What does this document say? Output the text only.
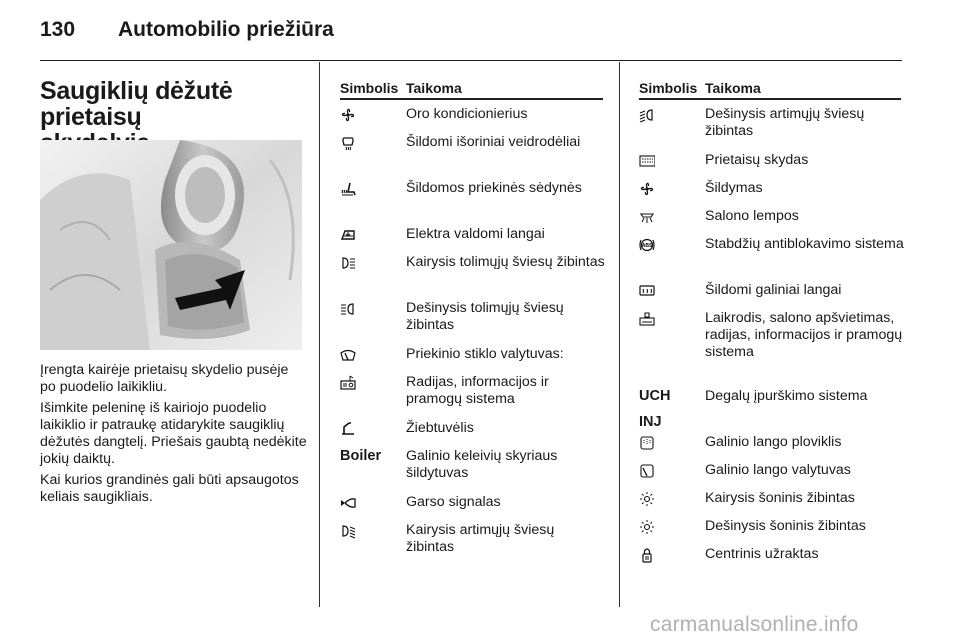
130 Automobilio priežiūra
Saugiklių dėžutė prietaisų

Įrengta kairėje prietaisų skydelio pusėje po puodelio laikikliu.

Išimkite peleninę iš kairiojo puodelio laikiklio ir patraukę atidarykite saugiklių dėžutės dangtelį. Priešais gaubtą nedėkite jokių daiktų.

Kai kurios grandinės gali būti apsaugotos keliais saugikliais.

Simbolis Taikoma
Oro kondicionierius
Šildomi išoriniai veidrodėliai
Šildomos priekinės sėdynės
Elektra valdomi langai
Kairysis tolimųjų šviesų žibintas
Dešinysis tolimųjų šviesų žibintas
Priekinio stiklo valytuvas:
Radijas, informacijos ir pramogų sistema
Žiebtuvėlis
Boiler	Galinio keleivių skyriaus šildytuvas
Garso signalas
Kairysis artimųjų šviesų žibintas
Simbolis Taikoma
Dešinysis artimųjų šviesų žibintas
Prietaisų skydas
Šildymas
Salono lempos
ABS	Stabdžių antiblokavimo sistema
Šildomi galiniai langai
Laikrodis, salono apšvietimas, radijas, informacijos ir pramogų sistema
UCH
INJ
Degalų įpurškimo sistema
Galinio lango ploviklis
Galinio lango valytuvas
Kairysis šoninis žibintas
Dešinysis šoninis žibintas
Centrinis užraktas
carmanualsonline.info
